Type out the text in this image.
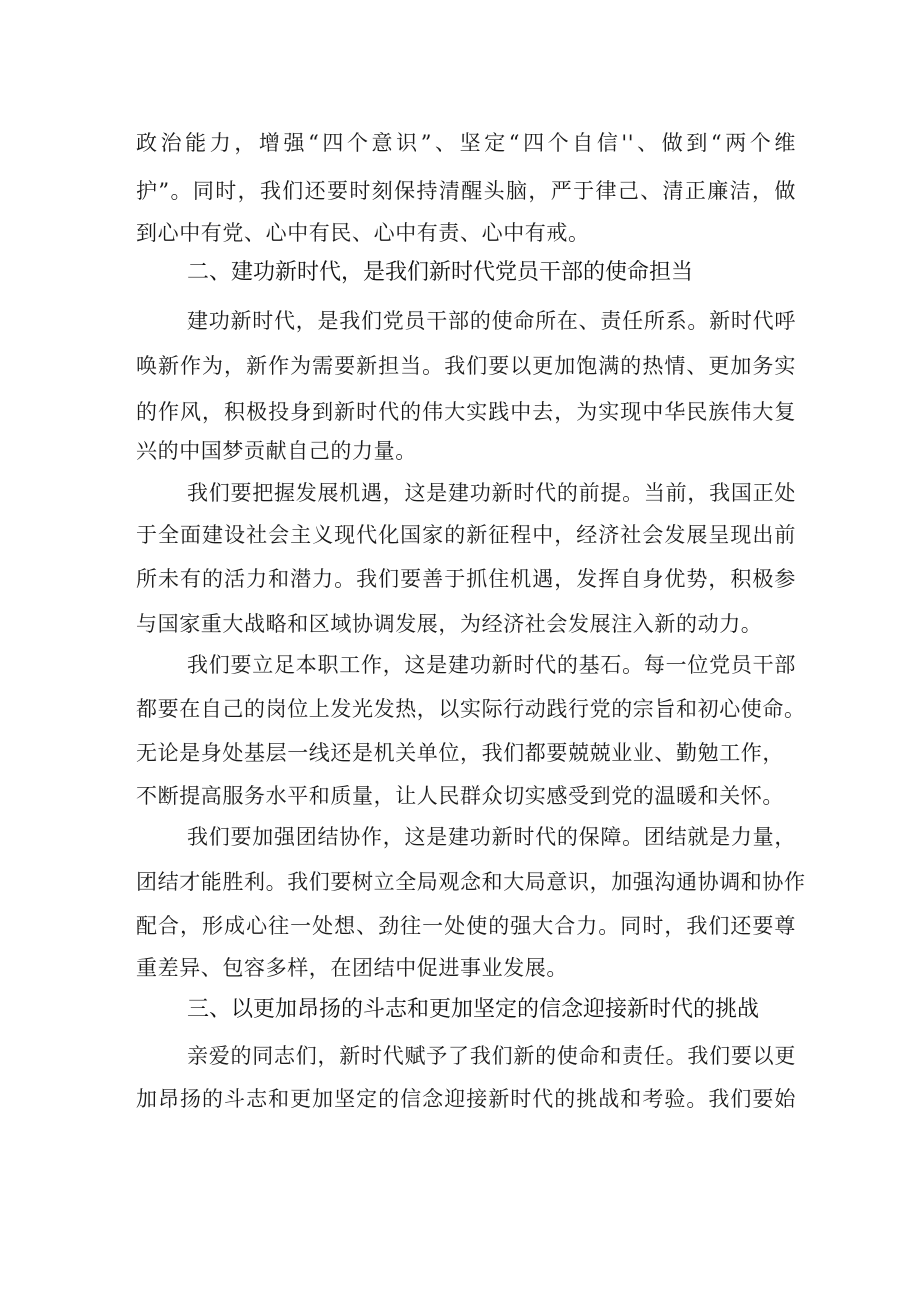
政治能力，增强“四个意识”、坚定“四个自信''、做到“两个维
护”。同时，我们还要时刻保持清醒头脑，严于律己、清正廉洁，做
到心中有党、心中有民、心中有责、心中有戒。
二、建功新时代，是我们新时代党员干部的使命担当
建功新时代，是我们党员干部的使命所在、责任所系。新时代呼
唤新作为，新作为需要新担当。我们要以更加饱满的热情、更加务实
的作风，积极投身到新时代的伟大实践中去，为实现中华民族伟大复
兴的中国梦贡献自己的力量。
我们要把握发展机遇，这是建功新时代的前提。当前，我国正处
于全面建设社会主义现代化国家的新征程中，经济社会发展呈现出前
所未有的活力和潜力。我们要善于抓住机遇，发挥自身优势，积极参
与国家重大战略和区域协调发展，为经济社会发展注入新的动力。
我们要立足本职工作，这是建功新时代的基石。每一位党员干部
都要在自己的岗位上发光发热，以实际行动践行党的宗旨和初心使命。
无论是身处基层一线还是机关单位，我们都要兢兢业业、勤勉工作，
不断提高服务水平和质量，让人民群众切实感受到党的温暖和关怀。
我们要加强团结协作，这是建功新时代的保障。团结就是力量，
团结才能胜利。我们要树立全局观念和大局意识，加强沟通协调和协作
配合，形成心往一处想、劲往一处使的强大合力。同时，我们还要尊
重差异、包容多样，在团结中促进事业发展。
三、以更加昂扬的斗志和更加坚定的信念迎接新时代的挑战
亲爱的同志们，新时代赋予了我们新的使命和责任。我们要以更
加昂扬的斗志和更加坚定的信念迎接新时代的挑战和考验。我们要始
